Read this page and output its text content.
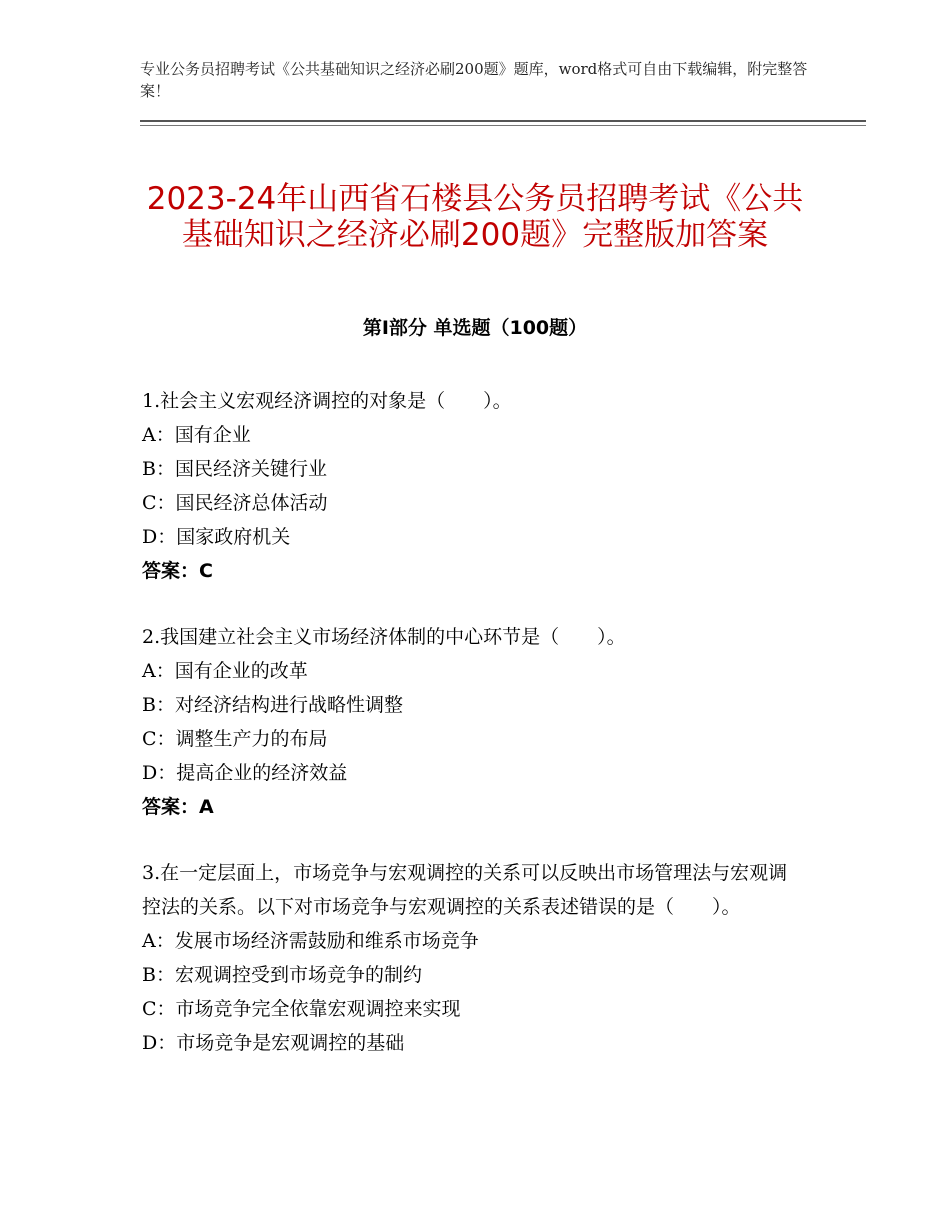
专业公务员招聘考试《公共基础知识之经济必刷200题》题库，word格式可自由下载编辑，附完整答案！
2023-24年山西省石楼县公务员招聘考试《公共基础知识之经济必刷200题》完整版加答案
第Ⅰ部分 单选题（100题）

1.社会主义宏观经济调控的对象是（　　）。

A：国有企业

B：国民经济关键行业

C：国民经济总体活动

D：国家政府机关

答案：C

2.我国建立社会主义市场经济体制的中心环节是（　　）。

A：国有企业的改革

B：对经济结构进行战略性调整

C：调整生产力的布局

D：提高企业的经济效益

答案：A

3.在一定层面上，市场竞争与宏观调控的关系可以反映出市场管理法与宏观调控法的关系。以下对市场竞争与宏观调控的关系表述错误的是（　　）。

A：发展市场经济需鼓励和维系市场竞争

B：宏观调控受到市场竞争的制约

C：市场竞争完全依靠宏观调控来实现

D：市场竞争是宏观调控的基础
